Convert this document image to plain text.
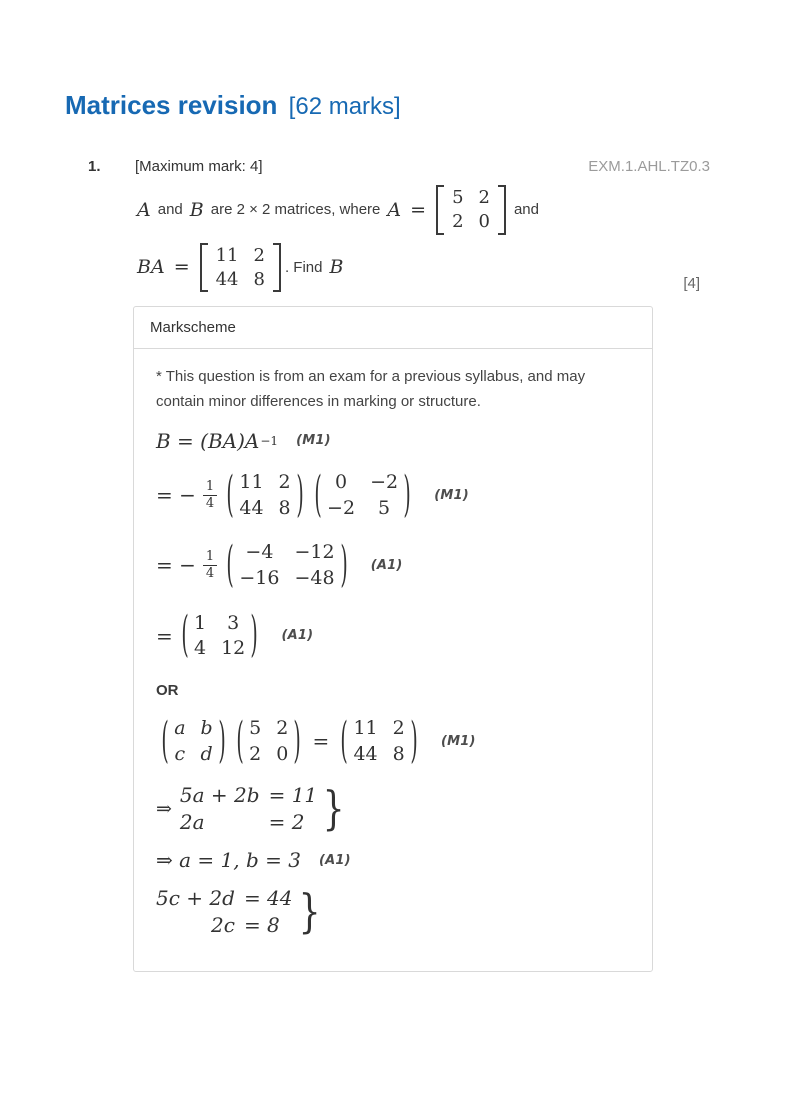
Matrices revision [62 marks]
1.	[Maximum mark: 4]	EXM.1.AHL.TZ0.3
A and B are 2 × 2 matrices, where A =
5 2
2 0
and
BA =
11 2
44 8
. Find B
[4]
Markscheme

* This question is from an exam for a previous syllabus, and may contain minor differences in marking or structure.

B = (BA)A −1 (M1)
= − $\frac{1}{4}$ ( 11 2
44 8 ) ( 0 −2
−2 5 ) (M1)
= − $\frac{1}{4}$ ( −4 −12
−16 −48 ) (A1)
= ( 1 3
4 12 ) (A1)
OR
( a b
c d ) ( 5 2
2 0 ) = ( 11 2
44 8 ) (M1)
⇒
5a + 2b = 11
2a	= 2 }
⇒ a = 1, b = 3 (A1)
5c + 2d = 44
2c = 8 }
